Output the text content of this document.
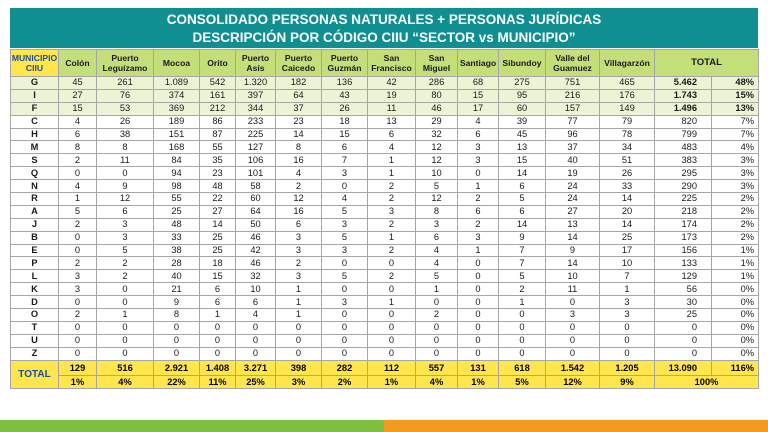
CONSOLIDADO PERSONAS NATURALES + PERSONAS JURÍDICAS
DESCRIPCIÓN POR CÓDIGO CIIU “SECTOR vs MUNICIPIO”
MUNICIPIO CIIU	Colón	Puerto Leguízamo	Mocoa	Orito	Puerto Asís	Puerto Caicedo	Puerto Guzmán	San Francisco	San Miguel	Santiago	Sibundoy	Valle del Guamuez	Villagarzón	TOTAL	
G	45	261	1.089	542	1.320	182	136	42	286	68	275	751	465	5.462	48%
I	27	76	374	161	397	64	43	19	80	15	95	216	176	1.743	15%
F	15	53	369	212	344	37	26	11	46	17	60	157	149	1.496	13%
C	4	26	189	86	233	23	18	13	29	4	39	77	79	820	7%
H	6	38	151	87	225	14	15	6	32	6	45	96	78	799	7%
M	8	8	168	55	127	8	6	4	12	3	13	37	34	483	4%
S	2	11	84	35	106	16	7	1	12	3	15	40	51	383	3%
Q	0	0	94	23	101	4	3	1	10	0	14	19	26	295	3%
N	4	9	98	48	58	2	0	2	5	1	6	24	33	290	3%
R	1	12	55	22	60	12	4	2	12	2	5	24	14	225	2%
A	5	6	25	27	64	16	5	3	8	6	6	27	20	218	2%
J	2	3	48	14	50	6	3	2	3	2	14	13	14	174	2%
B	0	3	33	25	46	3	5	1	6	3	9	14	25	173	2%
E	0	5	38	25	42	3	3	2	4	1	7	9	17	156	1%
P	2	2	28	18	46	2	0	0	4	0	7	14	10	133	1%
L	3	2	40	15	32	3	5	2	5	0	5	10	7	129	1%
K	3	0	21	6	10	1	0	0	1	0	2	11	1	56	0%
D	0	0	9	6	6	1	3	1	0	0	1	0	3	30	0%
O	2	1	8	1	4	1	0	0	2	0	0	3	3	25	0%
T	0	0	0	0	0	0	0	0	0	0	0	0	0	0	0%
U	0	0	0	0	0	0	0	0	0	0	0	0	0	0	0%
Z	0	0	0	0	0	0	0	0	0	0	0	0	0	0	0%
TOTAL	129	516	2.921	1.408	3.271	398	282	112	557	131	618	1.542	1.205	13.090	116%
	1%	4%	22%	11%	25%	3%	2%	1%	4%	1%	5%	12%	9%	100%	
